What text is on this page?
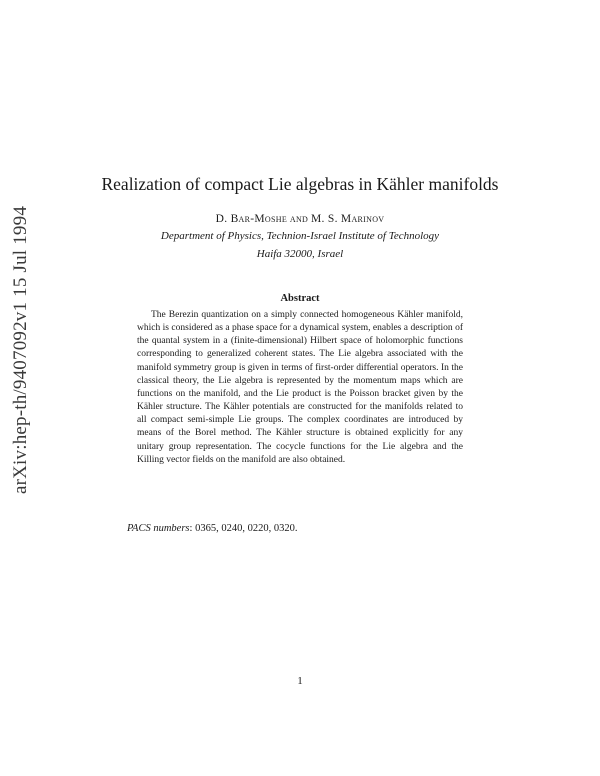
arXiv:hep-th/9407092v1 15 Jul 1994
Realization of compact Lie algebras in Kähler manifolds
D. Bar-Moshe and M. S. Marinov
Department of Physics, Technion-Israel Institute of Technology
Haifa 32000, Israel
Abstract
The Berezin quantization on a simply connected homogeneous Kähler manifold, which is considered as a phase space for a dynamical system, enables a description of the quantal system in a (finite-dimensional) Hilbert space of holomorphic functions corresponding to generalized coherent states. The Lie algebra associated with the manifold symmetry group is given in terms of first-order differential operators. In the classical theory, the Lie algebra is represented by the momentum maps which are functions on the manifold, and the Lie product is the Poisson bracket given by the Kähler structure. The Kähler potentials are constructed for the manifolds related to all compact semi-simple Lie groups. The complex coordinates are introduced by means of the Borel method. The Kähler structure is obtained explicitly for any unitary group representation. The cocycle functions for the Lie algebra and the Killing vector fields on the manifold are also obtained.
PACS numbers: 0365, 0240, 0220, 0320.
1
